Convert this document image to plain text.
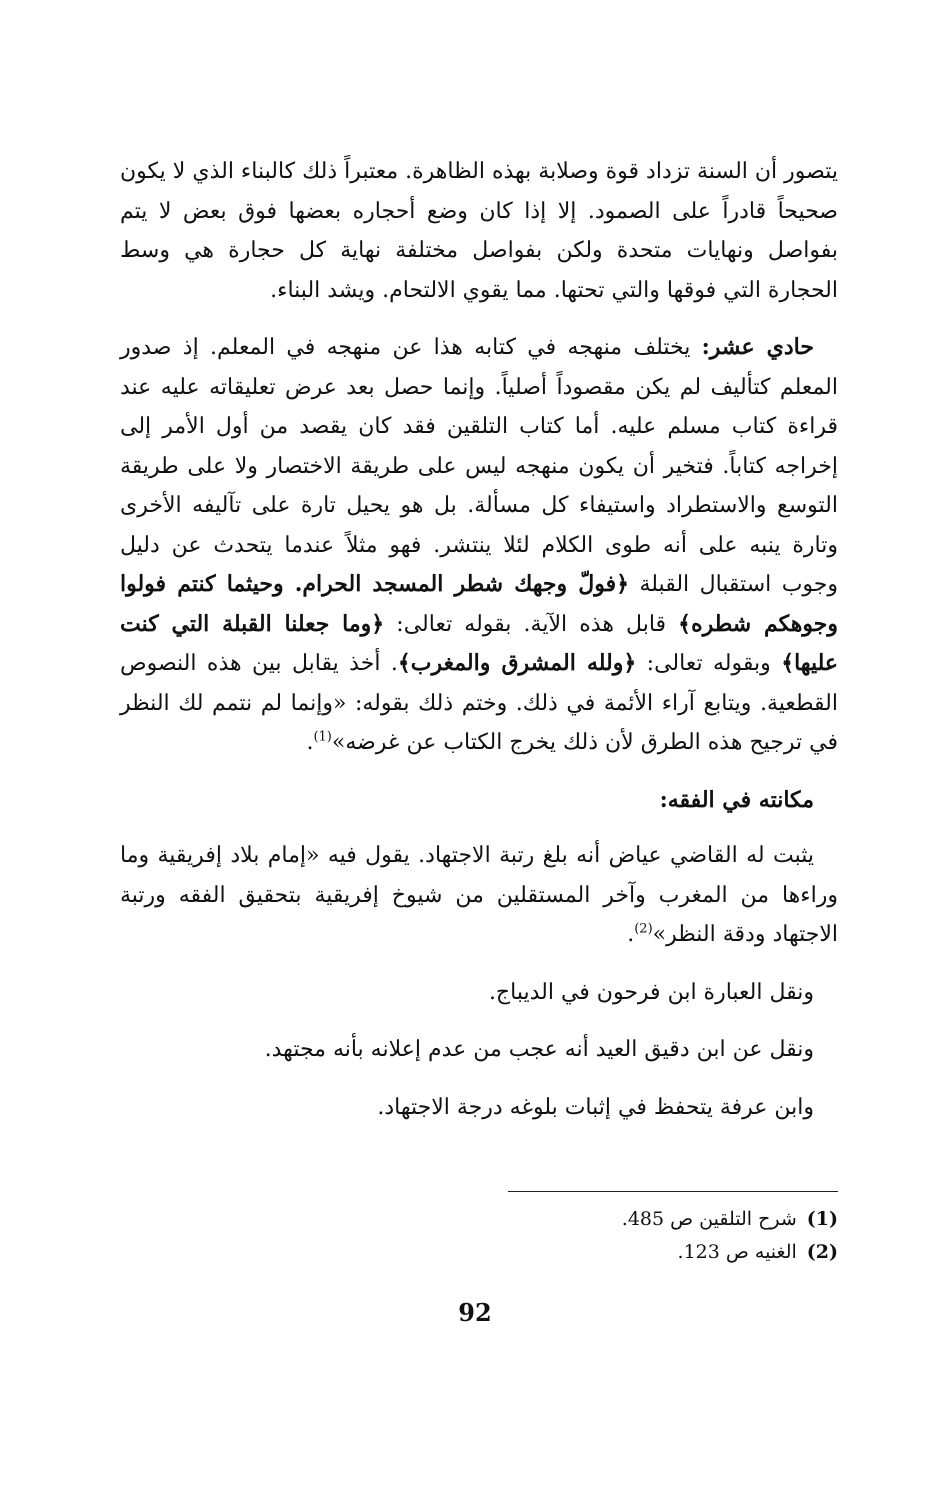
يتصور أن السنة تزداد قوة وصلابة بهذه الظاهرة. معتبراً ذلك كالبناء الذي لا يكون صحيحاً قادراً على الصمود. إلا إذا كان وضع أحجاره بعضها فوق بعض لا يتم بفواصل ونهايات متحدة ولكن بفواصل مختلفة نهاية كل حجارة هي وسط الحجارة التي فوقها والتي تحتها. مما يقوي الالتحام. ويشد البناء.

حادي عشر: يختلف منهجه في كتابه هذا عن منهجه في المعلم. إذ صدور المعلم كتأليف لم يكن مقصوداً أصلياً. وإنما حصل بعد عرض تعليقاته عليه عند قراءة كتاب مسلم عليه. أما كتاب التلقين فقد كان يقصد من أول الأمر إلى إخراجه كتاباً. فتخير أن يكون منهجه ليس على طريقة الاختصار ولا على طريقة التوسع والاستطراد واستيفاء كل مسألة. بل هو يحيل تارة على تآليفه الأخرى وتارة ينبه على أنه طوى الكلام لئلا ينتشر. فهو مثلاً عندما يتحدث عن دليل وجوب استقبال القبلة ﴿فولّ وجهك شطر المسجد الحرام. وحيثما كنتم فولوا وجوهكم شطره﴾ قابل هذه الآية. بقوله تعالى: ﴿وما جعلنا القبلة التي كنت عليها﴾ وبقوله تعالى: ﴿ولله المشرق والمغرب﴾. أخذ يقابل بين هذه النصوص القطعية. ويتابع آراء الأئمة في ذلك. وختم ذلك بقوله: «وإنما لم نتمم لك النظر في ترجيح هذه الطرق لأن ذلك يخرج الكتاب عن غرضه»$^{(1)}$.

مكانته في الفقه:

يثبت له القاضي عياض أنه بلغ رتبة الاجتهاد. يقول فيه «إمام بلاد إفريقية وما وراءها من المغرب وآخر المستقلين من شيوخ إفريقية بتحقيق الفقه ورتبة الاجتهاد ودقة النظر»$^{(2)}$.

ونقل العبارة ابن فرحون في الديباج.

ونقل عن ابن دقيق العيد أنه عجب من عدم إعلانه بأنه مجتهد.

وابن عرفة يتحفظ في إثبات بلوغه درجة الاجتهاد.

(1)شرح التلقين ص 485.

(2)الغنيه ص 123.

92
